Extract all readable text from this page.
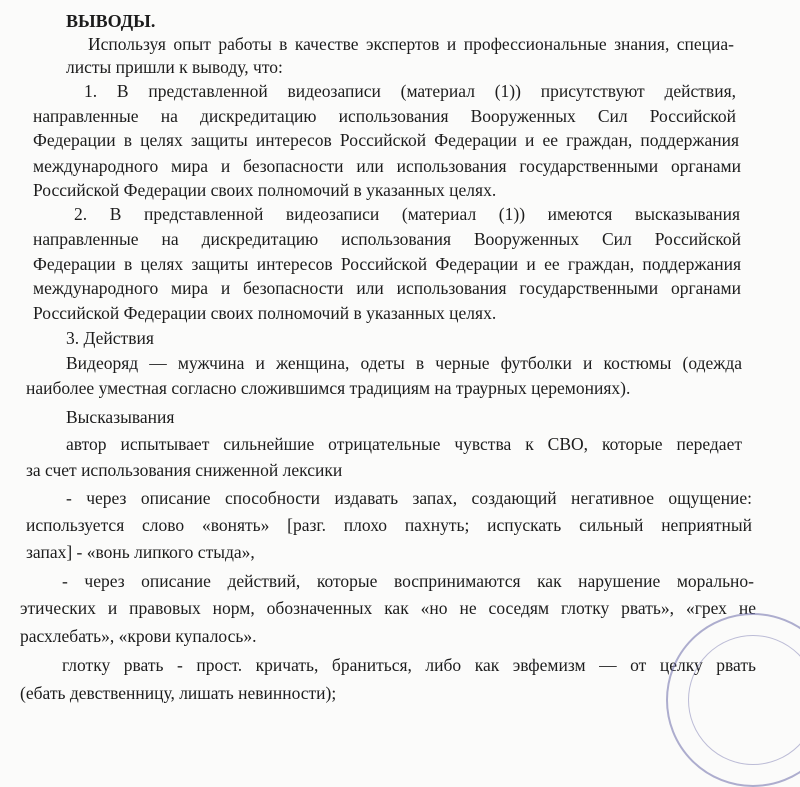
ВЫВОДЫ.
Используя опыт работы в качестве экспертов и профессиональные знания, специа-
листы пришли к выводу, что:
1. В представленной видеозаписи (материал (1)) присутствуют действия,
направленные на дискредитацию использования Вооруженных Сил Российской
Федерации в целях защиты интересов Российской Федерации и ее граждан, поддержания
международного мира и безопасности или использования государственными органами
Российской Федерации своих полномочий в указанных целях.
2. В представленной видеозаписи (материал (1)) имеются высказывания
направленные на дискредитацию использования Вооруженных Сил Российской
Федерации в целях защиты интересов Российской Федерации и ее граждан, поддержания
международного мира и безопасности или использования государственными органами
Российской Федерации своих полномочий в указанных целях.
3. Действия
Видеоряд — мужчина и женщина, одеты в черные футболки и костюмы (одежда
наиболее уместная согласно сложившимся традициям на траурных церемониях).
Высказывания
автор испытывает сильнейшие отрицательные чувства к СВО, которые передает
за счет использования сниженной лексики
- через описание способности издавать запах, создающий негативное ощущение:
используется слово «вонять» [разг. плохо пахнуть; испускать сильный неприятный
запах] - «вонь липкого стыда»,
- через описание действий, которые воспринимаются как нарушение морально-
этических и правовых норм, обозначенных как «но не соседям глотку рвать», «грех не
расхлебать», «крови купалось».
глотку рвать - прост. кричать, браниться, либо как эвфемизм — от целку рвать
(ебать девственницу, лишать невинности);
